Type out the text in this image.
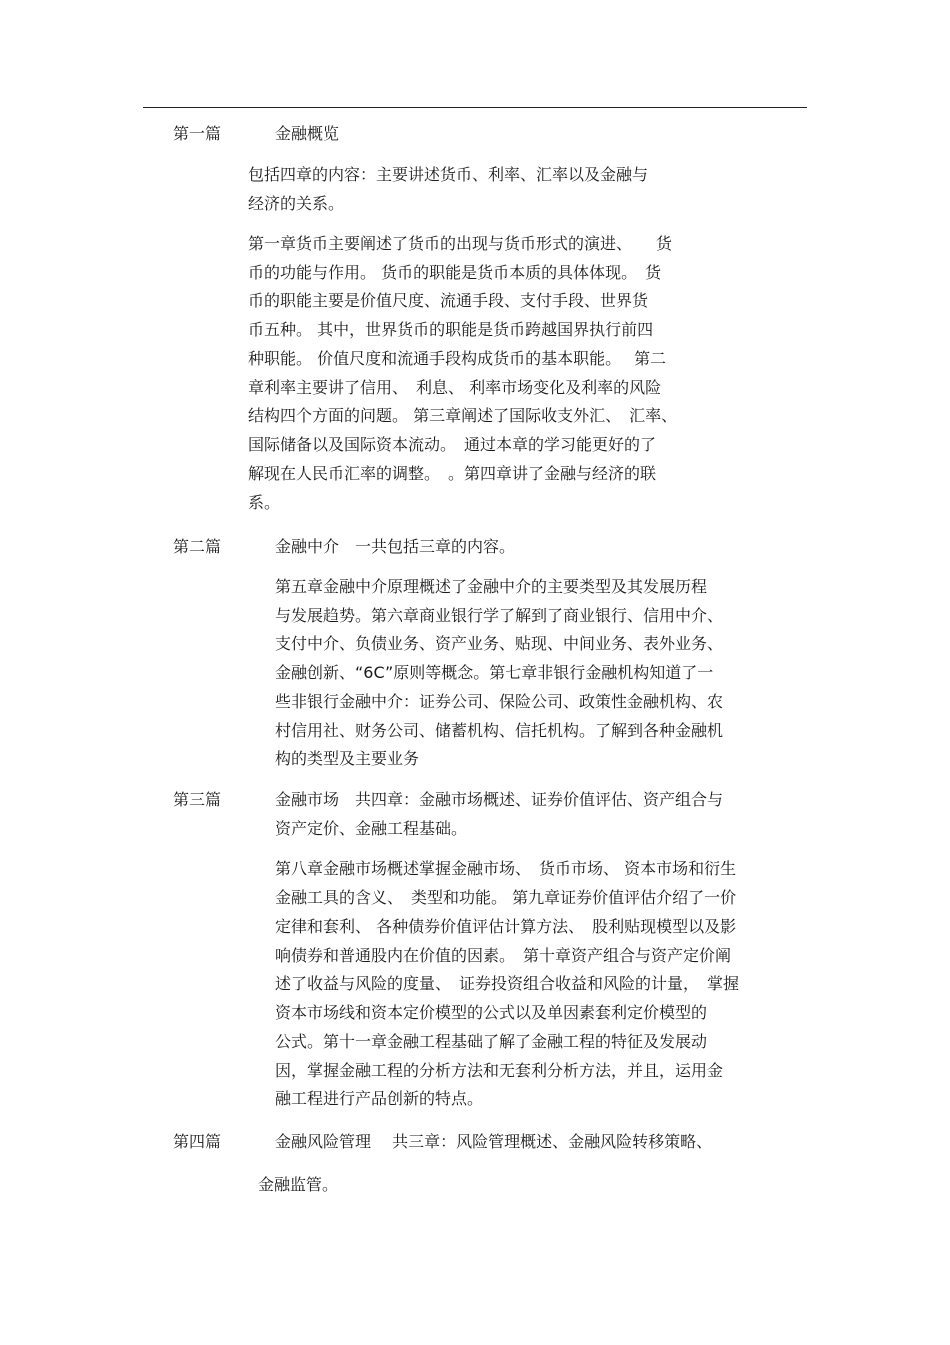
第一篇	金融概览
包括四章的内容：主要讲述货币、利率、汇率以及金融与
经济的关系。
第一章货币主要阐述了货币的出现与货币形式的演进、　　货
币的功能与作用。 货币的职能是货币本质的具体体现。　货
币的职能主要是价值尺度、流通手段、支付手段、世界货
币五种。 其中，世界货币的职能是货币跨越国界执行前四
种职能。 价值尺度和流通手段构成货币的基本职能。　 第二
章利率主要讲了信用、　利息、 利率市场变化及利率的风险
结构四个方面的问题。 第三章阐述了国际收支外汇、　汇率、
国际储备以及国际资本流动。　通过本章的学习能更好的了
解现在人民币汇率的调整。　。第四章讲了金融与经济的联
系。
第二篇	金融中介　一共包括三章的内容。
第五章金融中介原理概述了金融中介的主要类型及其发展历程
与发展趋势。第六章商业银行学了解到了商业银行、信用中介、
支付中介、负债业务、资产业务、贴现、中间业务、表外业务、
金融创新、“6C”原则等概念。第七章非银行金融机构知道了一
些非银行金融中介：证券公司、保险公司、政策性金融机构、农
村信用社、财务公司、储蓄机构、信托机构。了解到各种金融机
构的类型及主要业务
第三篇	金融市场　共四章：金融市场概述、证券价值评估、资产组合与
资产定价、金融工程基础。
第八章金融市场概述掌握金融市场、　货币市场、 资本市场和衍生
金融工具的含义、　类型和功能。 第九章证券价值评估介绍了一价
定律和套利、 各种债券价值评估计算方法、　股利贴现模型以及影
响债券和普通股内在价值的因素。　第十章资产组合与资产定价阐
述了收益与风险的度量、　证券投资组合收益和风险的计量，　掌握
资本市场线和资本定价模型的公式以及单因素套利定价模型的
公式。第十一章金融工程基础了解了金融工程的特征及发展动
因，掌握金融工程的分析方法和无套利分析方法，并且，运用金
融工程进行产品创新的特点。
第四篇	金融风险管理　 共三章：风险管理概述、金融风险转移策略、
金融监管。
